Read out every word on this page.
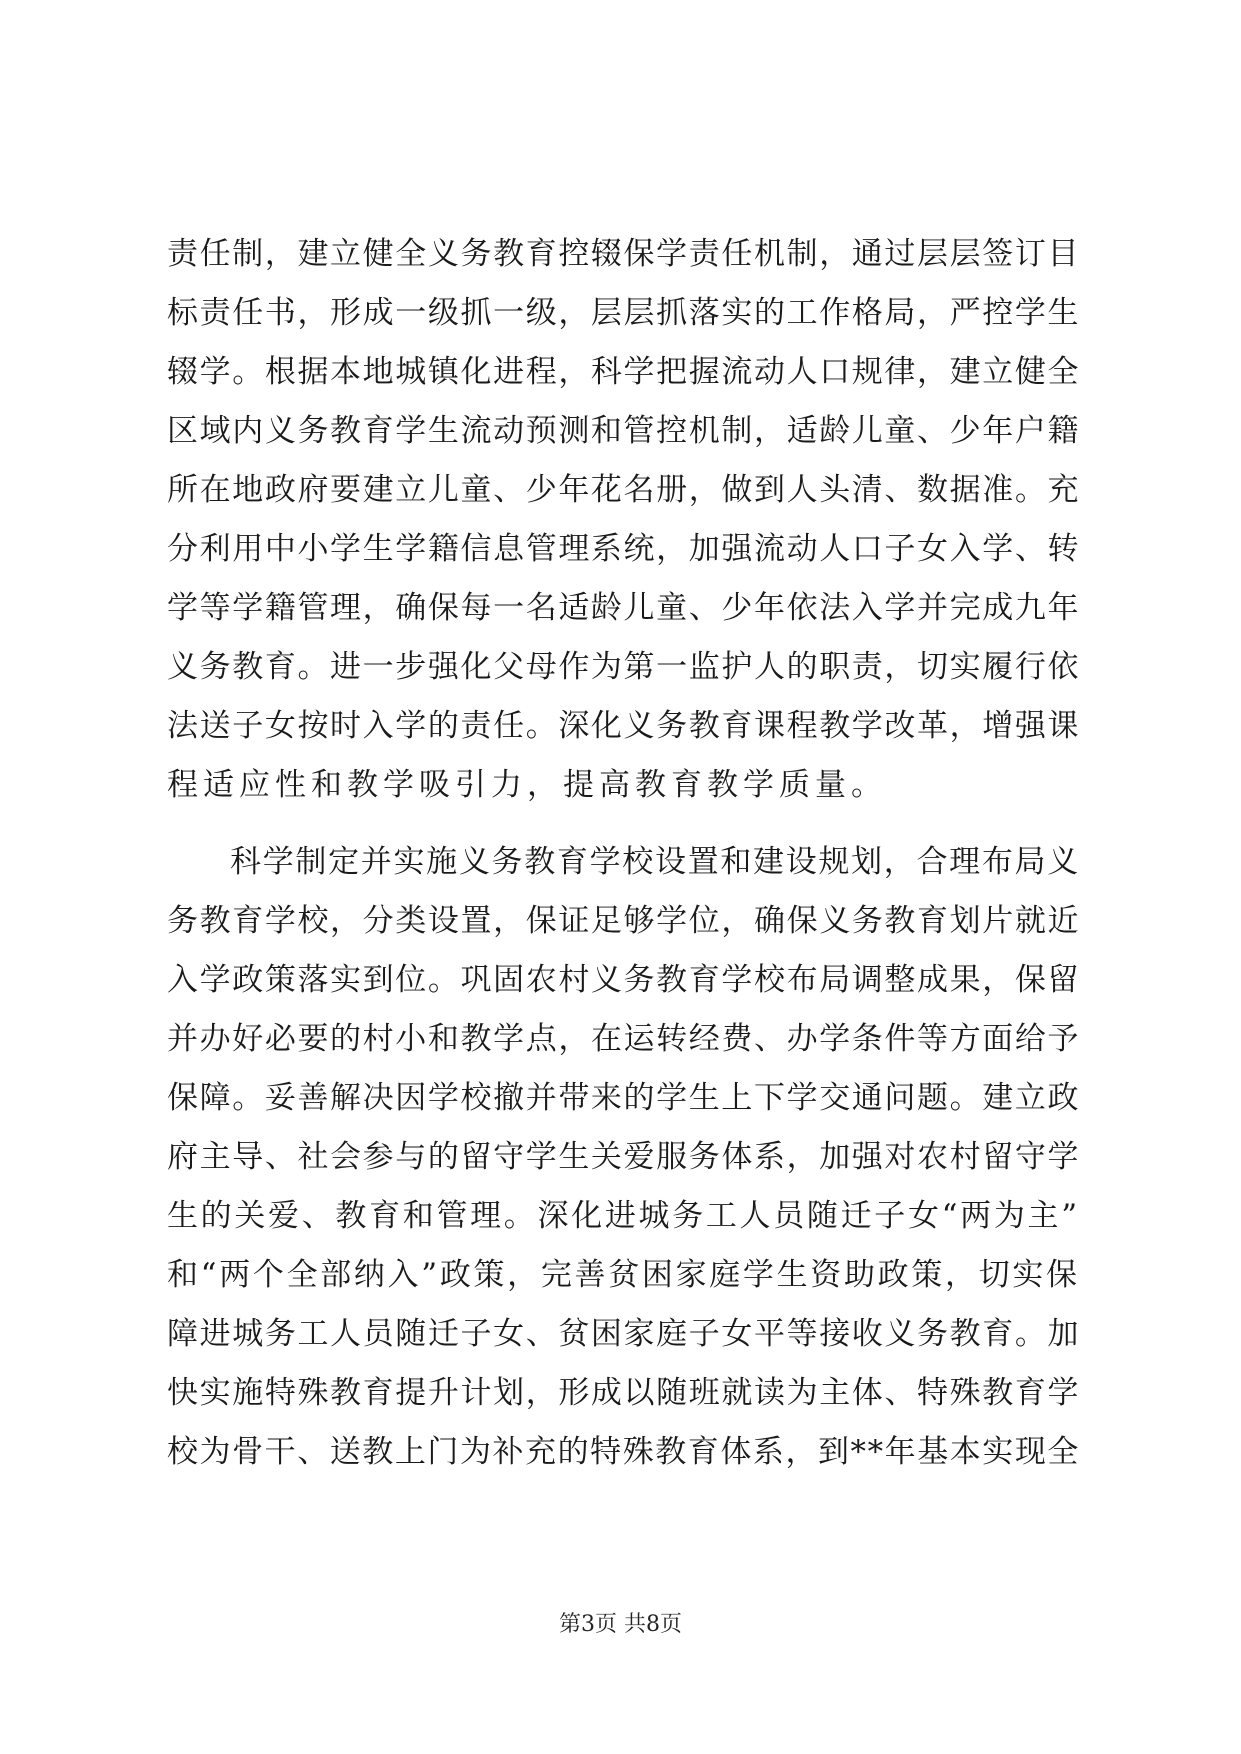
责任制，建立健全义务教育控辍保学责任机制，通过层层签订目
标责任书，形成一级抓一级，层层抓落实的工作格局，严控学生
辍学。根据本地城镇化进程，科学把握流动人口规律，建立健全
区域内义务教育学生流动预测和管控机制，适龄儿童、少年户籍
所在地政府要建立儿童、少年花名册，做到人头清、数据准。充
分利用中小学生学籍信息管理系统，加强流动人口子女入学、转
学等学籍管理，确保每一名适龄儿童、少年依法入学并完成九年
义务教育。进一步强化父母作为第一监护人的职责，切实履行依
法送子女按时入学的责任。深化义务教育课程教学改革，增强课
程适应性和教学吸引力，提高教育教学质量。
科学制定并实施义务教育学校设置和建设规划，合理布局义
务教育学校，分类设置，保证足够学位，确保义务教育划片就近
入学政策落实到位。巩固农村义务教育学校布局调整成果，保留
并办好必要的村小和教学点，在运转经费、办学条件等方面给予
保障。妥善解决因学校撤并带来的学生上下学交通问题。建立政
府主导、社会参与的留守学生关爱服务体系，加强对农村留守学
生的关爱、教育和管理。深化进城务工人员随迁子女“两为主”
和“两个全部纳入”政策，完善贫困家庭学生资助政策，切实保
障进城务工人员随迁子女、贫困家庭子女平等接收义务教育。加
快实施特殊教育提升计划，形成以随班就读为主体、特殊教育学
校为骨干、送教上门为补充的特殊教育体系，到**年基本实现全
第3页 共8页
